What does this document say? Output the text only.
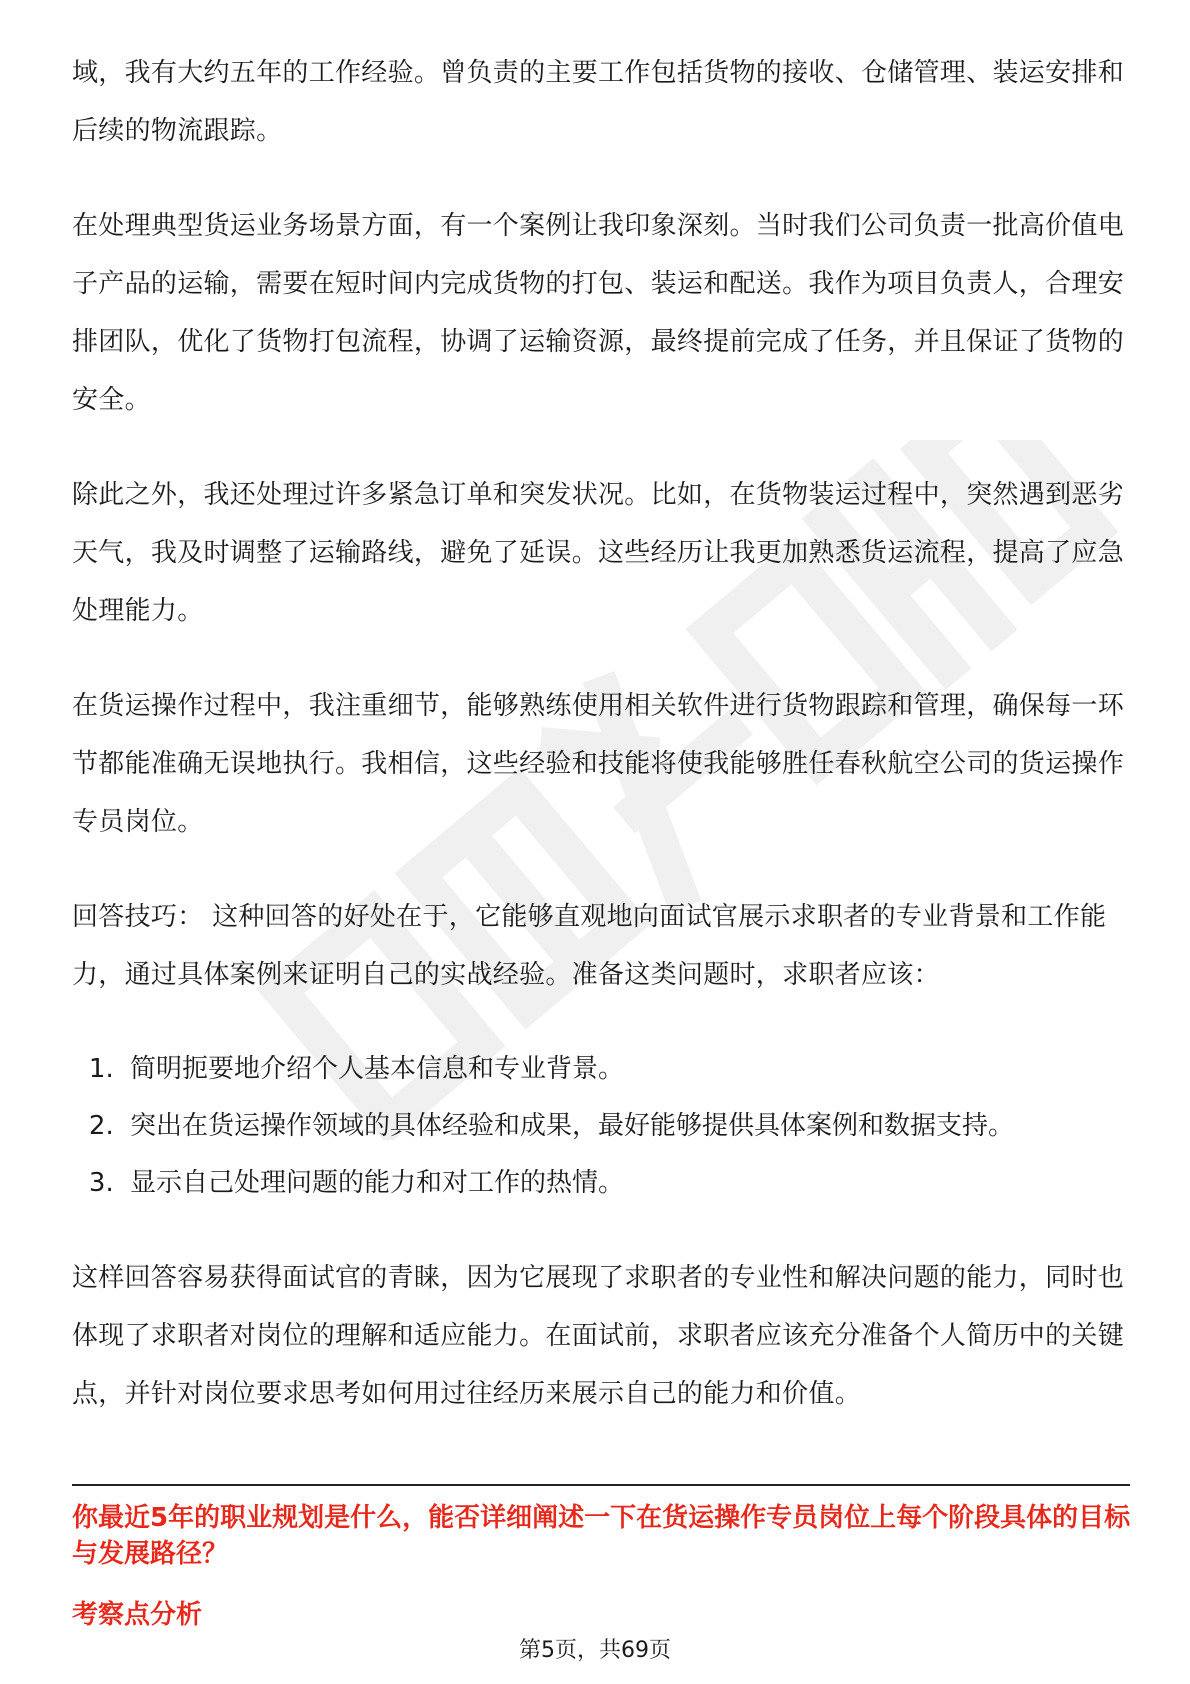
域，我有大约五年的工作经验。曾负责的主要工作包括货物的接收、仓储管理、装运安排和后续的物流跟踪。

在处理典型货运业务场景方面，有一个案例让我印象深刻。当时我们公司负责一批高价值电子产品的运输，需要在短时间内完成货物的打包、装运和配送。我作为项目负责人，合理安排团队，优化了货物打包流程，协调了运输资源，最终提前完成了任务，并且保证了货物的安全。

除此之外，我还处理过许多紧急订单和突发状况。比如，在货物装运过程中，突然遇到恶劣天气，我及时调整了运输路线，避免了延误。这些经历让我更加熟悉货运流程，提高了应急处理能力。

在货运操作过程中，我注重细节，能够熟练使用相关软件进行货物跟踪和管理，确保每一环节都能准确无误地执行。我相信，这些经验和技能将使我能够胜任春秋航空公司的货运操作专员岗位。

回答技巧： 这种回答的好处在于，它能够直观地向面试官展示求职者的专业背景和工作能力，通过具体案例来证明自己的实战经验。准备这类问题时，求职者应该：

1. 简明扼要地介绍个人基本信息和专业背景。
2. 突出在货运操作领域的具体经验和成果，最好能够提供具体案例和数据支持。
3. 显示自己处理问题的能力和对工作的热情。

这样回答容易获得面试官的青睐，因为它展现了求职者的专业性和解决问题的能力，同时也体现了求职者对岗位的理解和适应能力。在面试前，求职者应该充分准备个人简历中的关键点，并针对岗位要求思考如何用过往经历来展示自己的能力和价值。

你最近5年的职业规划是什么，能否详细阐述一下在货运操作专员岗位上每个阶段具体的目标与发展路径？
考察点分析
第5页，共69页
